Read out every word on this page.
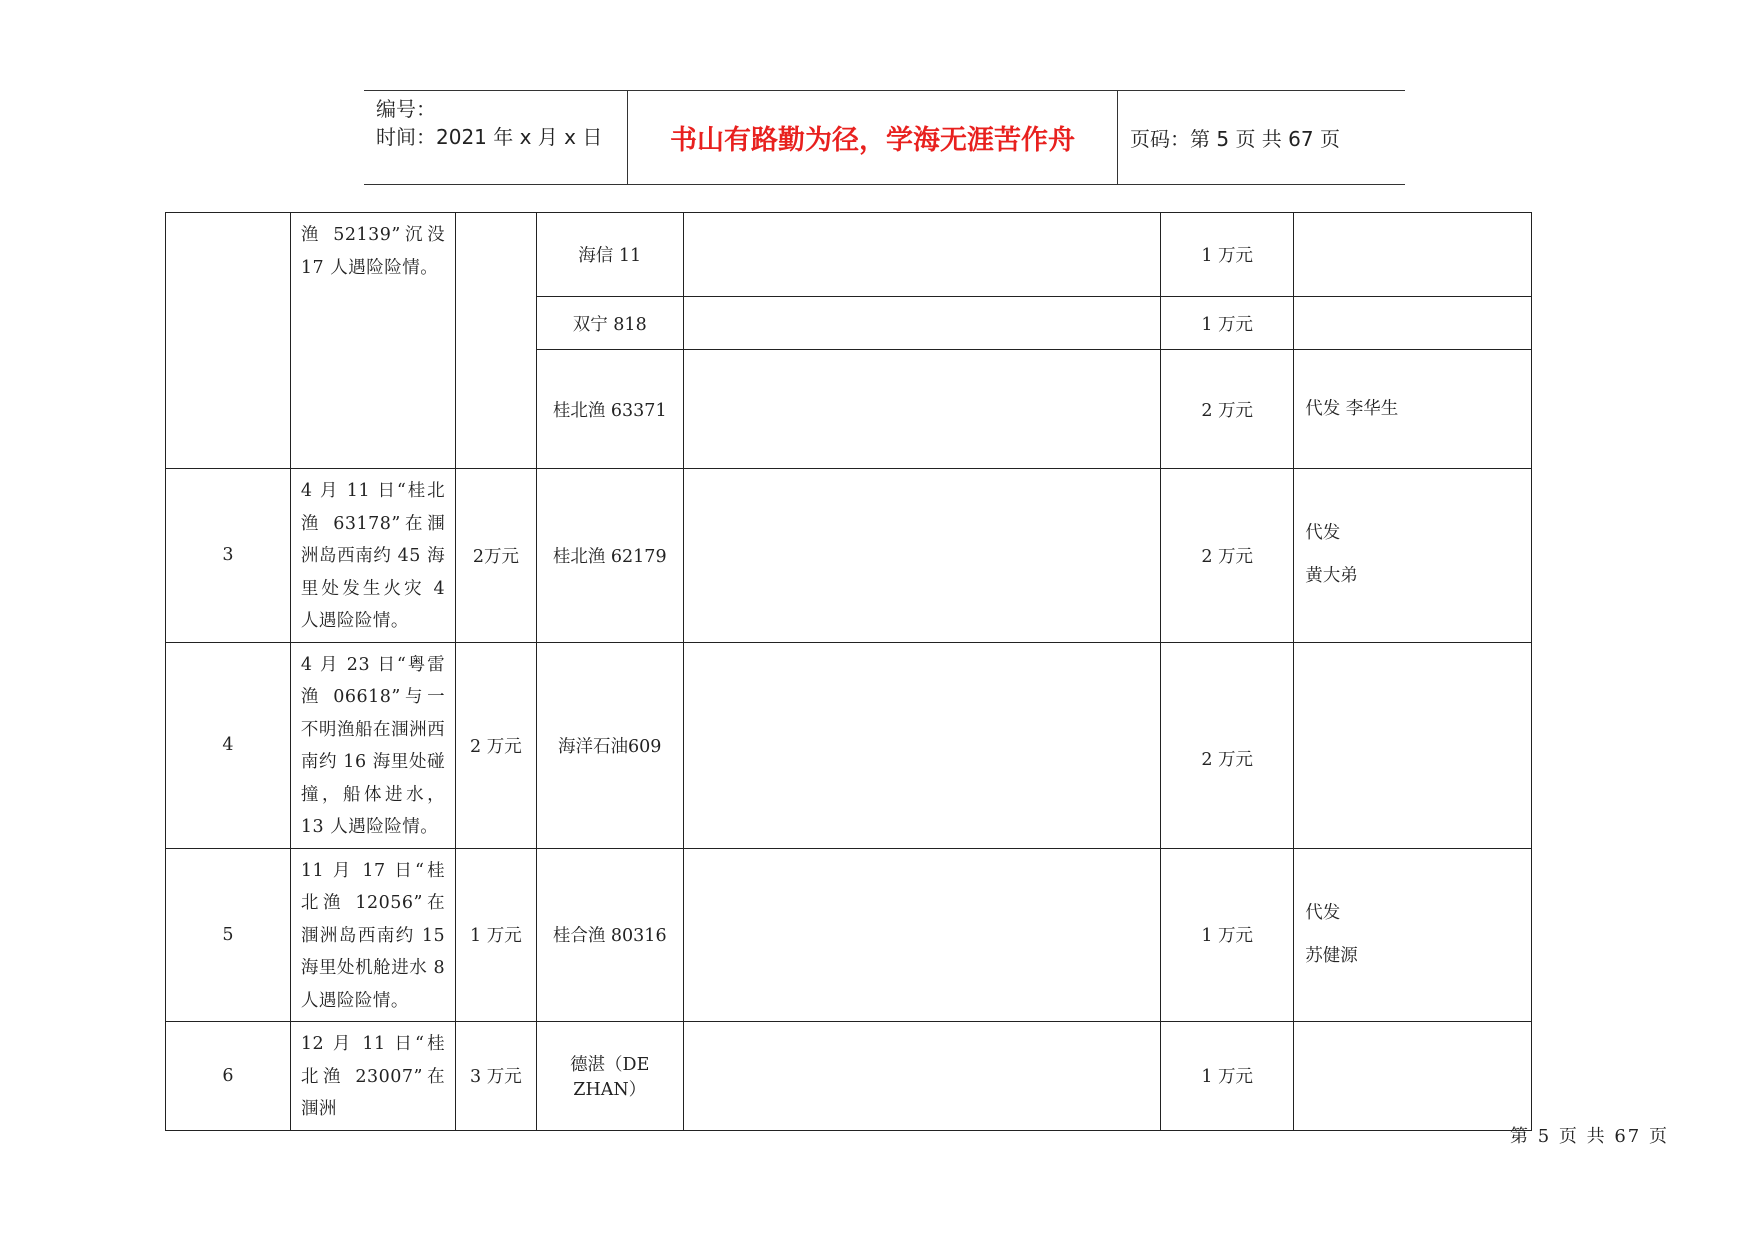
编号：
时间：2021 年 x 月 x 日	书山有路勤为径，学海无涯苦作舟	页码：第 5 页 共 67 页
	渔 52139”沉没 17 人遇险险情。		海信 11		1 万元	
			双宁 818		1 万元	
			桂北渔 63371		2 万元	代发 李华生
3	4 月 11 日“桂北渔 63178”在涠洲岛西南约 45 海里处发生火灾 4 人遇险险情。	2万元	桂北渔 62179		2 万元	代发
黄大弟

4	4 月 23 日“粤雷渔 06618”与一不明渔船在涠洲西南约 16 海里处碰撞，船体进水，13 人遇险险情。	2 万元	海洋石油609		2 万元	

5	11 月 17 日“桂北渔 12056”在涠洲岛西南约 15 海里处机舱进水 8 人遇险险情。	1 万元	桂合渔 80316		1 万元	代发
苏健源

6	12 月 11 日“桂北渔 23007”在涠洲	3 万元	德湛（DE ZHAN）		1 万元	
第 5 页 共 67 页
